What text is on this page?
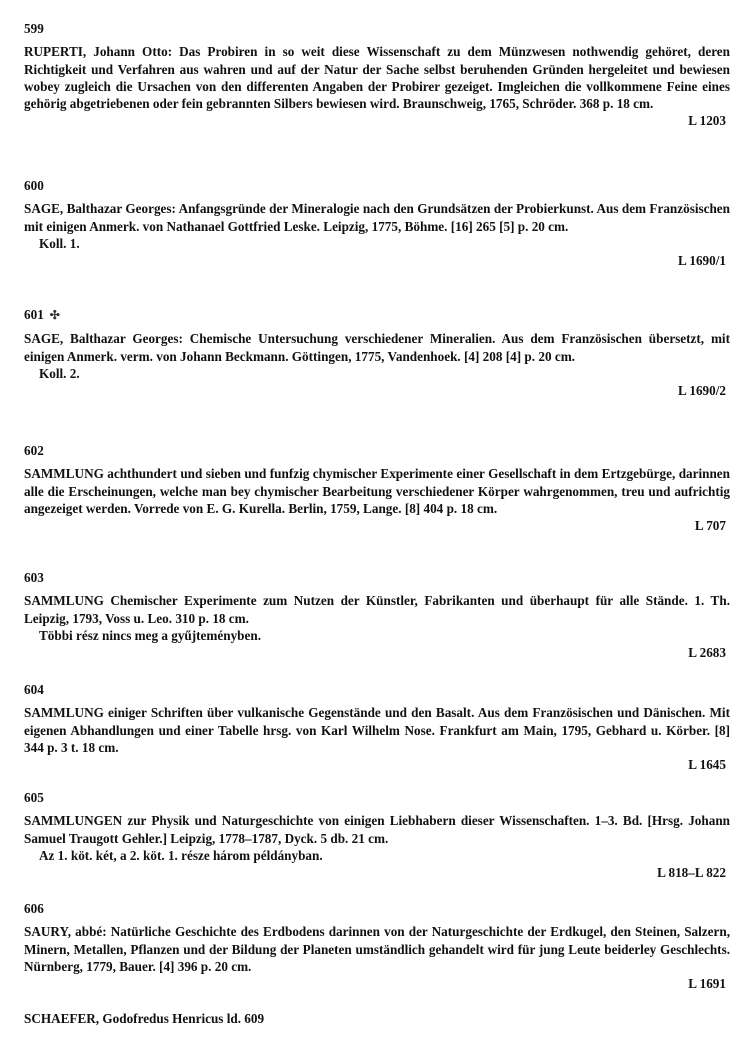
599
RUPERTI, Johann Otto: Das Probiren in so weit diese Wissenschaft zu dem Münzwesen nothwendig gehöret, deren Richtigkeit und Verfahren aus wahren und auf der Natur der Sache selbst beruhenden Gründen hergeleitet und bewiesen wobey zugleich die Ursachen von den differenten Angaben der Probirer gezeiget. Imgleichen die vollkommene Feine eines gehörig abgetriebenen oder fein gebrannten Silbers bewiesen wird. Braunschweig, 1765, Schröder. 368 p. 18 cm.
L 1203
600
SAGE, Balthazar Georges: Anfangsgründe der Mineralogie nach den Grundsätzen der Probierkunst. Aus dem Französischen mit einigen Anmerk. von Nathanael Gottfried Leske. Leipzig, 1775, Böhme. [16] 265 [5] p. 20 cm.
Koll. 1.
L 1690/1
601 ✣
SAGE, Balthazar Georges: Chemische Untersuchung verschiedener Mineralien. Aus dem Französischen übersetzt, mit einigen Anmerk. verm. von Johann Beckmann. Göttingen, 1775, Vandenhoek. [4] 208 [4] p. 20 cm.
Koll. 2.
L 1690/2
602
SAMMLUNG achthundert und sieben und funfzig chymischer Experimente einer Gesellschaft in dem Ertzgebürge, darinnen alle die Erscheinungen, welche man bey chymischer Bearbeitung verschiedener Körper wahrgenommen, treu und aufrichtig angezeiget werden. Vorrede von E. G. Kurella. Berlin, 1759, Lange. [8] 404 p. 18 cm.
L 707
603
SAMMLUNG Chemischer Experimente zum Nutzen der Künstler, Fabrikanten und überhaupt für alle Stände. 1. Th. Leipzig, 1793, Voss u. Leo. 310 p. 18 cm.
Többi rész nincs meg a gyűjteményben.
L 2683
604
SAMMLUNG einiger Schriften über vulkanische Gegenstände und den Basalt. Aus dem Französischen und Dänischen. Mit eigenen Abhandlungen und einer Tabelle hrsg. von Karl Wilhelm Nose. Frankfurt am Main, 1795, Gebhard u. Körber. [8] 344 p. 3 t. 18 cm.
L 1645
605
SAMMLUNGEN zur Physik und Naturgeschichte von einigen Liebhabern dieser Wissenschaften. 1–3. Bd. [Hrsg. Johann Samuel Traugott Gehler.] Leipzig, 1778–1787, Dyck. 5 db. 21 cm.
Az 1. köt. két, a 2. köt. 1. része három példányban.
L 818–L 822
606
SAURY, abbé: Natürliche Geschichte des Erdbodens darinnen von der Naturgeschichte der Erdkugel, den Steinen, Salzern, Minern, Metallen, Pflanzen und der Bildung der Planeten umständlich gehandelt wird für jung Leute beiderley Geschlechts. Nürnberg, 1779, Bauer. [4] 396 p. 20 cm.
L 1691
SCHAEFER, Godofredus Henricus ld. 609
